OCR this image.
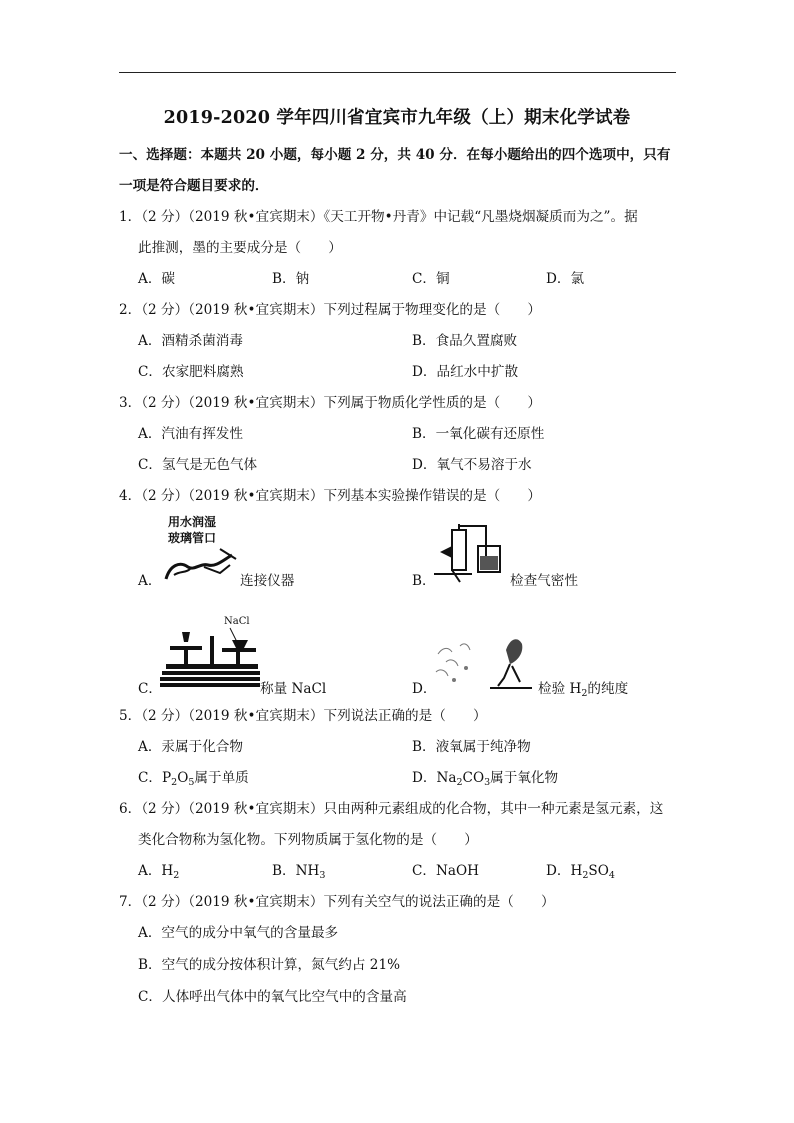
2019-2020 学年四川省宜宾市九年级（上）期末化学试卷
一、选择题：本题共 20 小题，每小题 2 分，共 40 分．在每小题给出的四个选项中，只有
一项是符合题目要求的．
1．（2 分）（2019 秋•宜宾期末）《天工开物•丹青》中记载“凡墨烧烟凝质而为之”。据
此推测，墨的主要成分是（　　）
A．碳	B．钠	C．铜	D．氯
2．（2 分）（2019 秋•宜宾期末）下列过程属于物理变化的是（　　）
A．酒精杀菌消毒	B．食品久置腐败
C．农家肥料腐熟	D．品红水中扩散
3．（2 分）（2019 秋•宜宾期末）下列属于物质化学性质的是（　　）
A．汽油有挥发性	B．一氧化碳有还原性
C．氢气是无色气体	D．氧气不易溶于水
4．（2 分）（2019 秋•宜宾期末）下列基本实验操作错误的是（　　）
用水润湿
玻璃管口
A．	连接仪器	B．	检查气密性
NaCl
C．	称量 NaCl	D．	检验 $H_2$的纯度
5．（2 分）（2019 秋•宜宾期末）下列说法正确的是（　　）
A．汞属于化合物	B．液氧属于纯净物
C．$P_2O_5$属于单质	D．$Na_2CO_3$属于氧化物
6．（2 分）（2019 秋•宜宾期末）只由两种元素组成的化合物，其中一种元素是氢元素，这
类化合物称为氢化物。下列物质属于氢化物的是（　　）
A．$H_2$	B．$NH_3$	C．NaOH	D．$H_2SO_4$
7．（2 分）（2019 秋•宜宾期末）下列有关空气的说法正确的是（　　）
A．空气的成分中氧气的含量最多
B．空气的成分按体积计算，氮气约占 21%
C．人体呼出气体中的氧气比空气中的含量高
